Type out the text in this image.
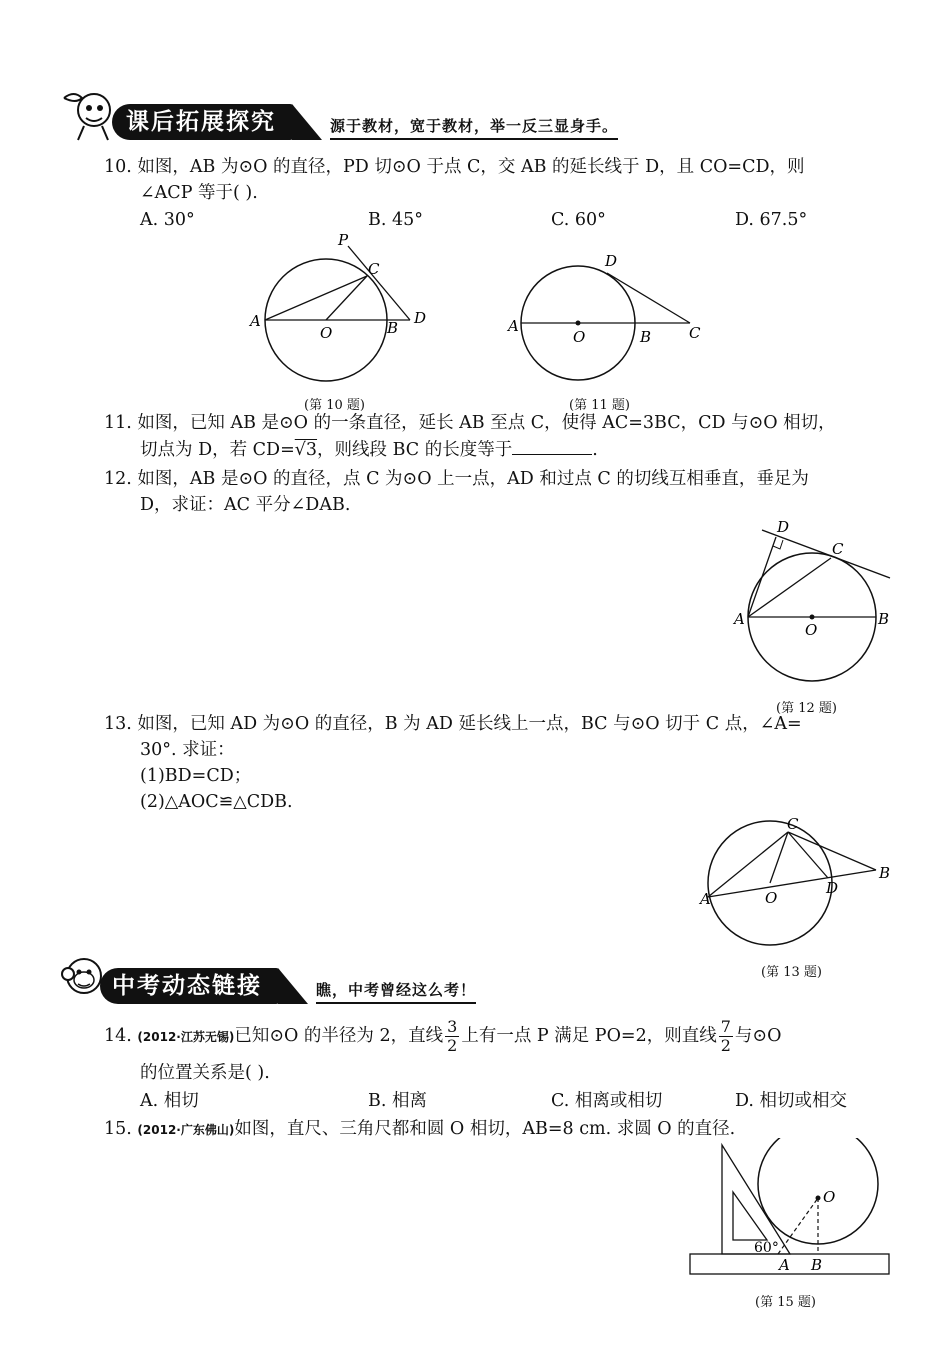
课后拓展探究	源于教材，宽于教材，举一反三显身手。
10. 如图，AB 为⊙O 的直径，PD 切⊙O 于点 C，交 AB 的延长线于 D，且 CO=CD，则
∠ACP 等于( ).
A. 30°	B. 45°	C. 60°	D. 67.5°
P
C
A
O	B
D
(第 10 题)
D
A
O	B	C
(第 11 题)
11. 如图，已知 AB 是⊙O 的一条直径，延长 AB 至点 C，使得 AC=3BC，CD 与⊙O 相切，
切点为 D，若 CD=√3，则线段 BC 的长度等于	.
12. 如图，AB 是⊙O 的直径，点 C 为⊙O 上一点，AD 和过点 C 的切线互相垂直，垂足为
D，求证：AC 平分∠DAB.
D
C
A
O
B
(第 12 题)
13. 如图，已知 AD 为⊙O 的直径，B 为 AD 延长线上一点，BC 与⊙O 切于 C 点，∠A=
30°. 求证：
(1)BD=CD；
(2)△AOC≌△CDB.
C
B
A	O
D
(第 13 题)
中考动态链接	瞧，中考曾经这么考！
14. (2012·江苏无锡)已知⊙O 的半径为 2，直线 $\frac{3}{2}$ 上有一点 P 满足 PO=2，则直线 $\frac{7}{2}$ 与⊙O
的位置关系是( ).
A. 相切	B. 相离	C. 相离或相切	D. 相切或相交
15. (2012·广东佛山)如图，直尺、三角尺都和圆 O 相切，AB=8 cm. 求圆 O 的直径.
O
60°
A B
(第 15 题)
